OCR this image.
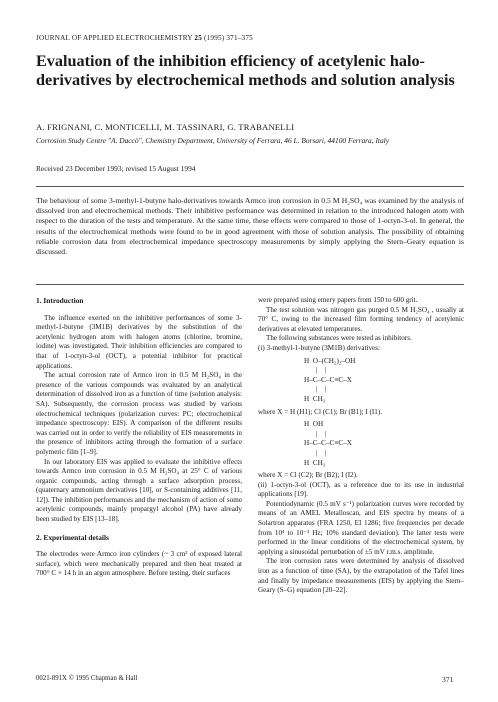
JOURNAL OF APPLIED ELECTROCHEMISTRY 25 (1995) 371–375
Evaluation of the inhibition efficiency of acetylenic halo-derivatives by electrochemical methods and solution analysis
A. FRIGNANI, C. MONTICELLI, M. TASSINARI, G. TRABANELLI
Corrosion Study Centre "A. Daccò", Chemistry Department, University of Ferrara, 46 L. Borsari, 44100 Ferrara, Italy
Received 23 December 1993; revised 15 August 1994
The behaviour of some 3-methyl-1-butyne halo-derivatives towards Armco iron corrosion in 0.5 M H₂SO₄ was examined by the analysis of dissolved iron and electrochemical methods. Their inhibitive performance was determined in relation to the introduced halogen atom with respect to the duration of the tests and temperature. At the same time, these effects were compared to those of 1-octyn-3-ol. In general, the results of the electrochemical methods were found to be in good agreement with those of solution analysis. The possibility of obtaining reliable corrosion data from electrochemical impedance spectroscopy measurements by simply applying the Stern–Geary equation is discussed.
1. Introduction

The influence exerted on the inhibitive performances of some 3-methyl-1-butyne (3M1B) derivatives by the substitution of the acetylenic hydrogen atom with halogen atoms (chlorine, bromine, iodine) was investigated. Their inhibition efficiencies are compared to that of 1-octyn-3-ol (OCT), a potential inhibitor for practical applications.

The actual corrosion rate of Armco iron in 0.5 M H₂SO₄ in the presence of the various compounds was evaluated by an analytical determination of dissolved iron as a function of time (solution analysis: SA). Subsequently, the corrosion process was studied by various electrochemical techniques (polarization curves: PC; electrochemical impedance spectroscopy: EIS). A comparison of the different results was carried out in order to verify the reliability of EIS measurements in the presence of inhibitors acting through the formation of a surface polymeric film [1–9].

In our laboratory EIS was applied to evaluate the inhibitive effects towards Armco iron corrosion in 0.5 M H₂SO₄ at 25° C of various organic compounds, acting through a surface adsorption process, (quaternary ammonium derivatives [10], or S-containing additives [11, 12]). The inhibition performances and the mechanism of action of some acetylenic compounds, mainly propargyl alcohol (PA) have already been studied by EIS [13–18].

2. Experimental details

The electrodes were Armco iron cylinders (~ 3 cm² of exposed lateral surface), which were mechanically prepared and then heat treated at 700° C × 14 h in an argon atmosphere. Before testing, their surfaces

were prepared using emery papers from 150 to 600 grit.

The test solution was nitrogen gas purged 0.5 M H₂SO₄ , usually at 70° C, owing to the increased film forming tendency of acetylenic derivatives at elevated temperatures.

The following substances were tested as inhibitors.

(i) 3-methyl-1-butyne (3M1B) derivatives:

H  O–(CH₂)₂–OH
|    |
H–C–C–C≡C–X
|    |
H  CH₃

where X = H (H1); Cl (C1); Br (B1); I (I1).

H  OH
|    |
H–C–C–C≡C–X
|    |
H  CH₃

where X = Cl (C2); Br (B2); I (I2).

(ii) 1-octyn-3-ol (OCT), as a reference due to its use in industrial applications [19].

Potentiodynamic (0.5 mV s⁻¹) polarization curves were recorded by means of an AMEL Metalloscan, and EIS spectra by means of a Solartron apparatus (FRA 1250, EI 1286; five frequencies per decade from 10⁴ to 10⁻² Hz; 10% standard deviation). The latter tests were performed in the linear conditions of the electrochemical system, by applying a sinusoidal perturbation of ±5 mV r.m.s. amplitude.

The iron corrosion rates were determined by analysis of dissolved iron as a function of time (SA), by the extrapolation of the Tafel lines and finally by impedance measurements (EIS) by applying the Stern–Geary (S–G) equation [20–22].

0021-891X © 1995 Chapman & Hall	371
